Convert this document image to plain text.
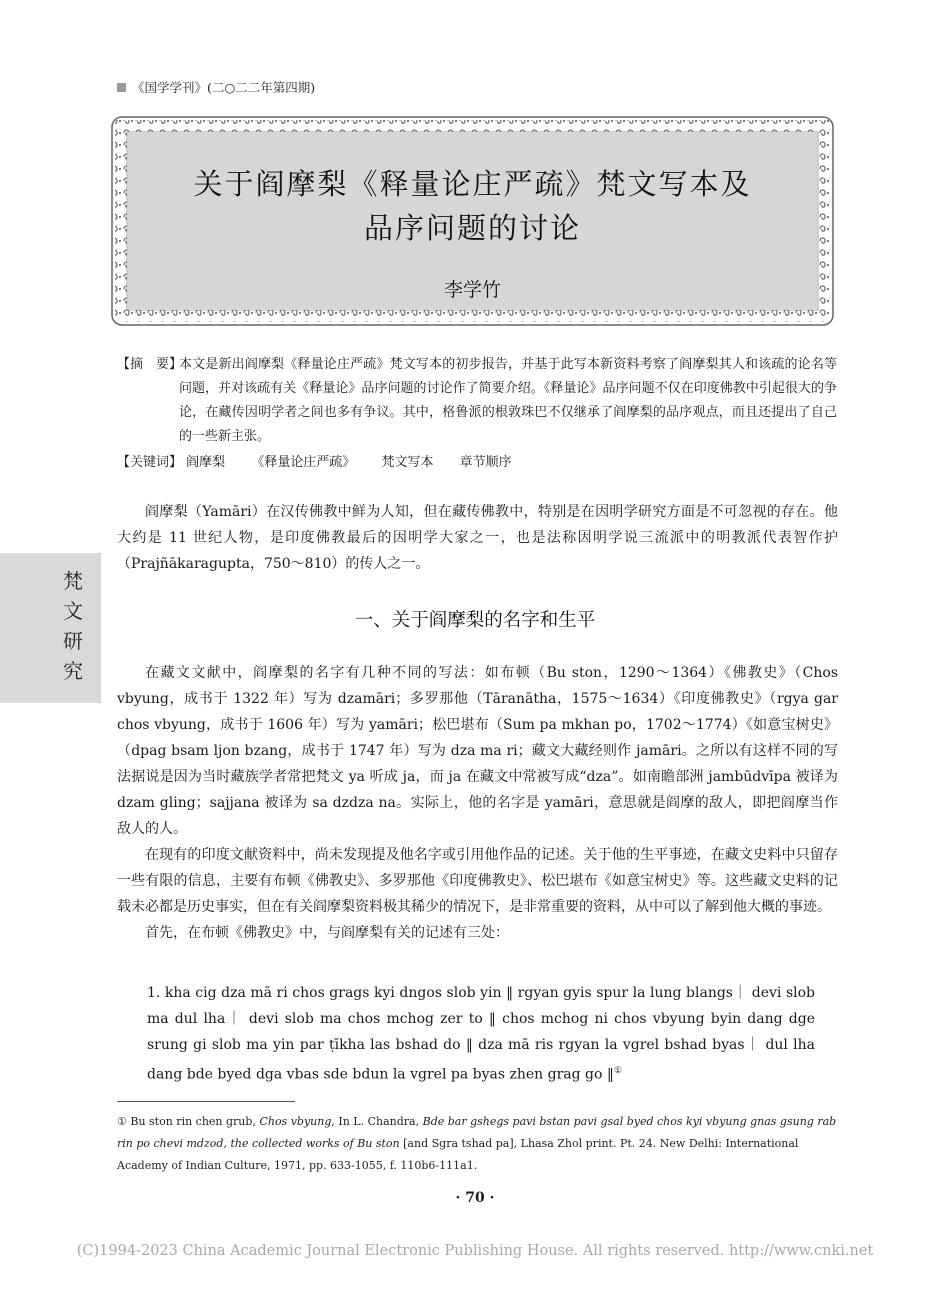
《国学学刊》(二○二二年第四期)
关于阎摩梨《释量论庄严疏》梵文写本及
品序问题的讨论
李学竹
【摘　要】
本文是新出阎摩梨《释量论庄严疏》梵文写本的初步报告，并基于此写本新资料考察了阎摩梨其人和该疏的论名等问题，并对该疏有关《释量论》品序问题的讨论作了简要介绍。《释量论》品序问题不仅在印度佛教中引起很大的争论，在藏传因明学者之间也多有争议。其中，格鲁派的根敦珠巴不仅继承了阎摩梨的品序观点，而且还提出了自己的一些新主张。
【关键词】 阎摩梨 《释量论庄严疏》 梵文写本 章节顺序
梵
文
研
究

阎摩梨（Yamāri）在汉传佛教中鲜为人知，但在藏传佛教中，特别是在因明学研究方面是不可忽视的存在。他大约是 11 世纪人物，是印度佛教最后的因明学大家之一，也是法称因明学说三流派中的明教派代表智作护（Prajñākaragupta，750～810）的传人之一。

一、关于阎摩梨的名字和生平

在藏文文献中，阎摩梨的名字有几种不同的写法：如布顿（Bu ston，1290～1364）《佛教史》（Chos vbyung，成书于 1322 年）写为 dzamāri；多罗那他（Tāranātha，1575～1634）《印度佛教史》（rgya gar chos vbyung，成书于 1606 年）写为 yamāri；松巴堪布（Sum pa mkhan po，1702～1774）《如意宝树史》（dpag bsam ljon bzang，成书于 1747 年）写为 dza ma ri；藏文大藏经则作 jamāri。之所以有这样不同的写法据说是因为当时藏族学者常把梵文 ya 听成 ja，而 ja 在藏文中常被写成“dza”。如南瞻部洲 jambūdvīpa 被译为 dzam gling；sajjana 被译为 sa dzdza na。实际上，他的名字是 yamāri，意思就是阎摩的敌人，即把阎摩当作敌人的人。

在现有的印度文献资料中，尚未发现提及他名字或引用他作品的记述。关于他的生平事迹，在藏文史料中只留存一些有限的信息，主要有布顿《佛教史》、多罗那他《印度佛教史》、松巴堪布《如意宝树史》等。这些藏文史料的记载未必都是历史事实，但在有关阎摩梨资料极其稀少的情况下，是非常重要的资料，从中可以了解到他大概的事迹。

首先，在布顿《佛教史》中，与阎摩梨有关的记述有三处：

1. kha cig dza mā ri chos grags kyi dngos slob yin ‖ rgyan gyis spur la lung blangs｜ devi slob ma dul lha｜ devi slob ma chos mchog zer to ‖ chos mchog ni chos vbyung byin dang dge srung gi slob ma yin par ṭīkha las bshad do ‖ dza mā ris rgyan la vgrel bshad byas｜ dul lha dang bde byed dga vbas sde bdun la vgrel pa byas zhen grag go ‖①

① Bu ston rin chen grub, Chos vbyung, In L. Chandra, Bde bar gshegs pavi bstan pavi gsal byed chos kyi vbyung gnas gsung rab rin po chevi mdzod, the collected works of Bu ston [and Sgra tshad pa], Lhasa Zhol print. Pt. 24. New Delhi: International Academy of Indian Culture, 1971, pp. 633-1055, f. 110b6-111a1.
· 70 ·
(C)1994-2023 China Academic Journal Electronic Publishing House. All rights reserved. http://www.cnki.net
